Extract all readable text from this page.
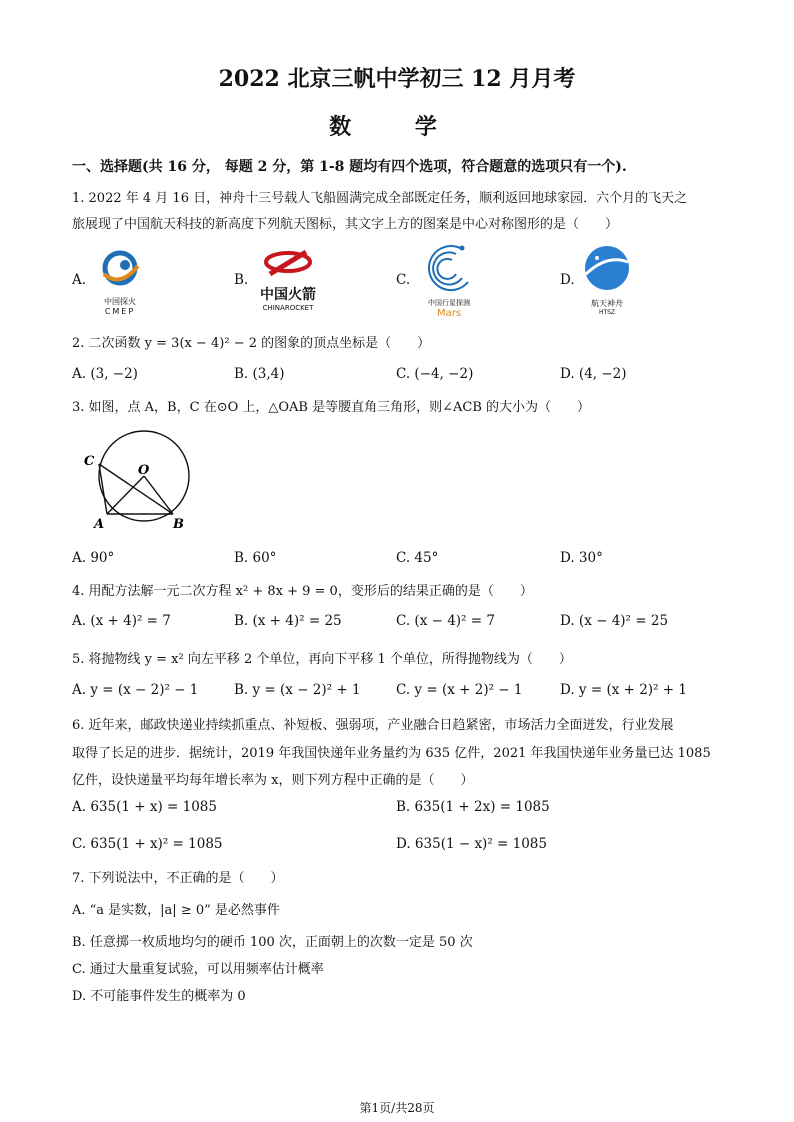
2022 北京三帆中学初三 12 月月考
数 学
一、选择题(共 16 分， 每题 2 分，第 1-8 题均有四个选项，符合题意的选项只有一个).
1. 2022 年 4 月 16 日，神舟十三号载人飞船圆满完成全部既定任务，顺利返回地球家园．六个月的飞天之
旅展现了中国航天科技的新高度下列航天图标，其文字上方的图案是中心对称图形的是（　　）
A.
中国探火
CMEP
B.
中国火箭
CHINAROCKET
C.
中国行星探测
Mars
D.
航天神舟
HTSZ
2. 二次函数 y = 3(x − 4)² − 2 的图象的顶点坐标是（　　）
A. (3, −2)	B. (3,4)	C. (−4, −2)	D. (4, −2)
3. 如图，点 A，B，C 在⊙O 上，△OAB 是等腰直角三角形，则∠ACB 的大小为（　　）
C
O
A	B
A. 90°	B. 60°	C. 45°	D. 30°
4. 用配方法解一元二次方程 x² + 8x + 9 = 0，变形后的结果正确的是（　　）
A. (x + 4)² = 7	B. (x + 4)² = 25	C. (x − 4)² = 7	D. (x − 4)² = 25
5. 将抛物线 y = x² 向左平移 2 个单位，再向下平移 1 个单位，所得抛物线为（　　）
A. y = (x − 2)² − 1	B. y = (x − 2)² + 1	C. y = (x + 2)² − 1	D. y = (x + 2)² + 1
6. 近年来，邮政快递业持续抓重点、补短板、强弱项，产业融合日趋紧密，市场活力全面迸发，行业发展
取得了长足的进步．据统计，2019 年我国快递年业务量约为 635 亿件，2021 年我国快递年业务量已达 1085
亿件，设快递量平均每年增长率为 x，则下列方程中正确的是（　　）
A. 635(1 + x) = 1085	B. 635(1 + 2x) = 1085
C. 635(1 + x)² = 1085	D. 635(1 − x)² = 1085
7. 下列说法中，不正确的是（　　）
A. “a 是实数，|a| ≥ 0” 是必然事件
B. 任意掷一枚质地均匀的硬币 100 次，正面朝上的次数一定是 50 次
C. 通过大量重复试验，可以用频率估计概率
D. 不可能事件发生的概率为 0
第1页/共28页
